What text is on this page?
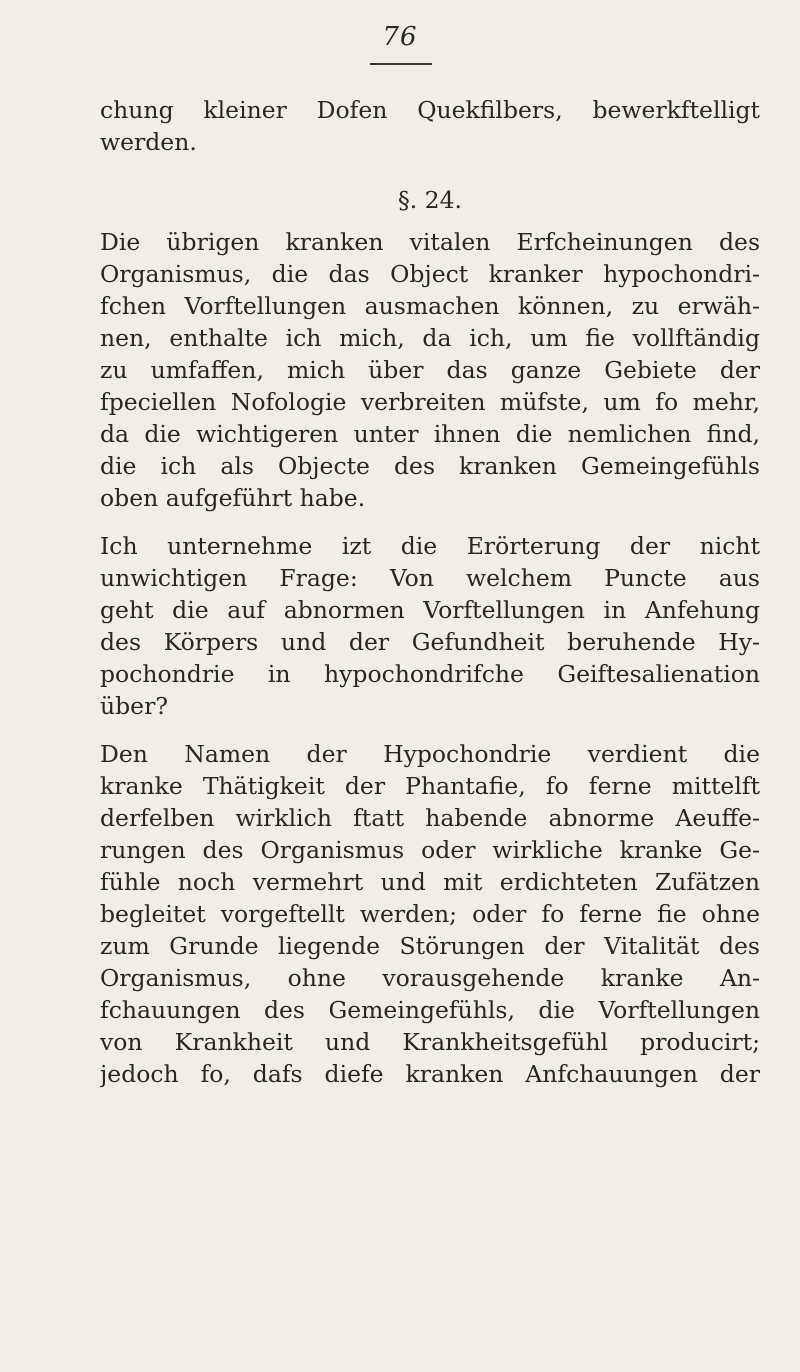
76
chung kleiner Dofen Quekfilbers, bewerkftelligt
werden.
§. 24.
Die übrigen kranken vitalen Erfcheinungen des
Organismus, die das Object kranker hypochondri-
fchen Vorftellungen ausmachen können, zu erwäh-
nen, enthalte ich mich, da ich, um fie vollftändig
zu umfaffen, mich über das ganze Gebiete der
fpeciellen Nofologie verbreiten müfste, um fo mehr,
da die wichtigeren unter ihnen die nemlichen find,
die ich als Objecte des kranken Gemeingefühls
oben aufgeführt habe.
Ich unternehme izt die Erörterung der nicht
unwichtigen Frage: Von welchem Puncte aus
geht die auf abnormen Vorftellungen in Anfehung
des Körpers und der Gefundheit beruhende Hy-
pochondrie in hypochondrifche Geiftesalienation
über?
Den Namen der Hypochondrie verdient die
kranke Thätigkeit der Phantafie, fo ferne mittelft
derfelben wirklich ftatt habende abnorme Aeuffe-
rungen des Organismus oder wirkliche kranke Ge-
fühle noch vermehrt und mit erdichteten Zufätzen
begleitet vorgeftellt werden; oder fo ferne fie ohne
zum Grunde liegende Störungen der Vitalität des
Organismus, ohne vorausgehende kranke An-
fchauungen des Gemeingefühls, die Vorftellungen
von Krankheit und Krankheitsgefühl producirt;
jedoch fo, dafs diefe kranken Anfchauungen der
